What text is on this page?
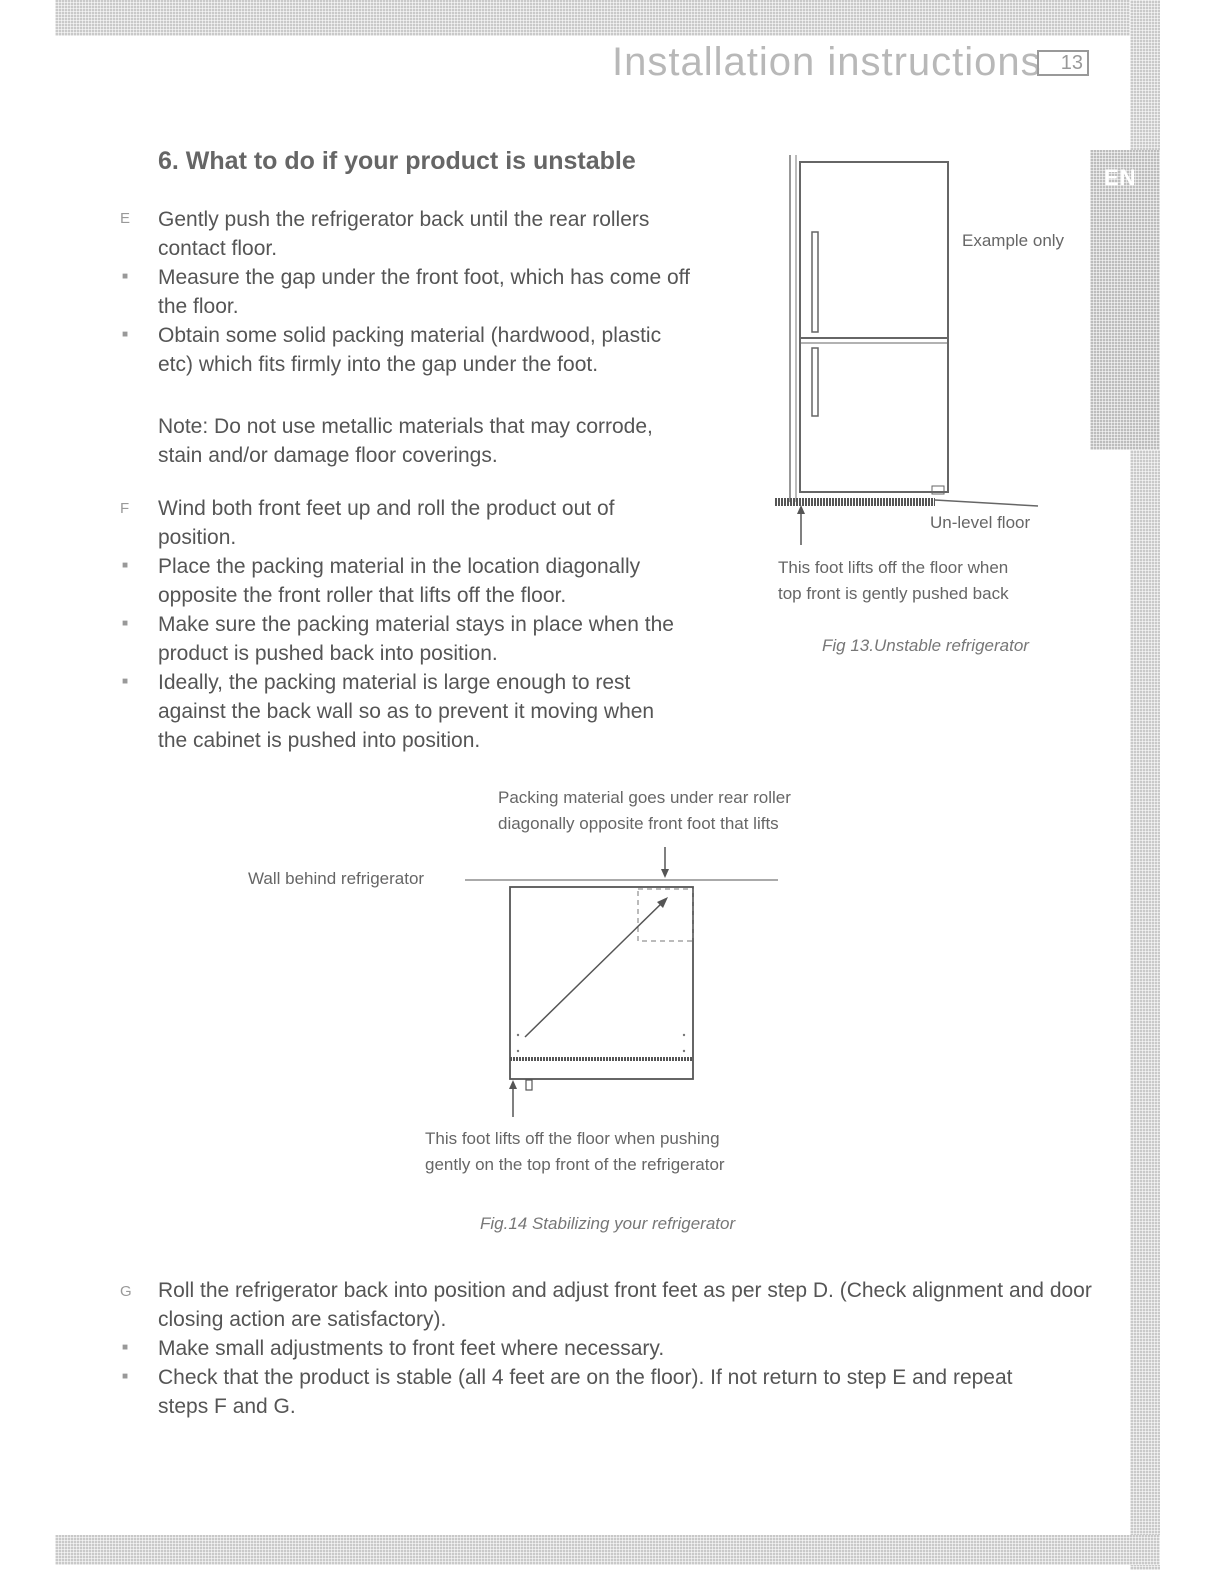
EN
Installation instructions 13
6. What to do if your product is unstable
E Gently push the refrigerator back until the rear rollers contact floor.

■ Measure the gap under the front foot, which has come off the floor.

■ Obtain some solid packing material (hardwood, plastic etc) which fits firmly into the gap under the foot.

Note: Do not use metallic materials that may corrode, stain and/or damage floor coverings.

F Wind both front feet up and roll the product out of position.

■ Place the packing material in the location diagonally opposite the front roller that lifts off the floor.

■ Make sure the packing material stays in place when the product is pushed back into position.

■ Ideally, the packing material is large enough to rest against the back wall so as to prevent it moving when the cabinet is pushed into position.

Example only
Un-level floor
This foot lifts off the floor when
top front is gently pushed back
Fig 13.Unstable refrigerator
Packing material goes under rear roller
diagonally opposite front foot that lifts
Wall behind refrigerator
This foot lifts off the floor when pushing
gently on the top front of the refrigerator
Fig.14 Stabilizing your refrigerator
G Roll the refrigerator back into position and adjust front feet as per step D. (Check alignment and door closing action are satisfactory).

■ Make small adjustments to front feet where necessary.

■ Check that the product is stable (all 4 feet are on the floor). If not return to step E and repeat steps F and G.
